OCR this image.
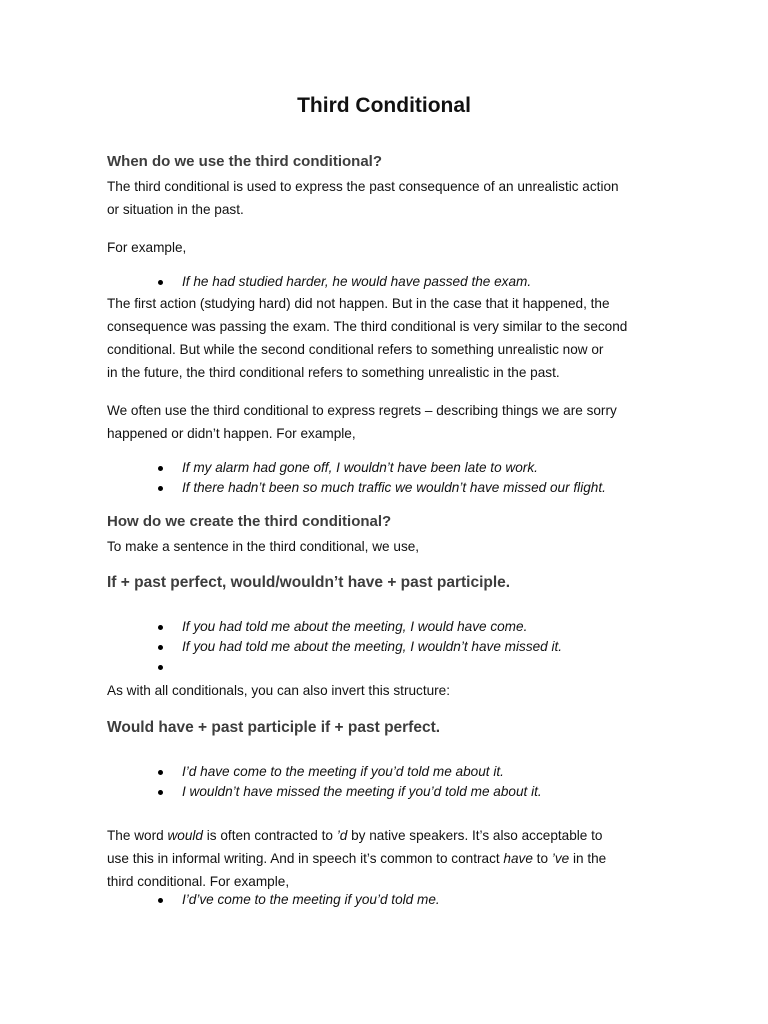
Third Conditional
When do we use the third conditional?
The third conditional is used to express the past consequence of an unrealistic action
or situation in the past.
For example,
If he had studied harder, he would have passed the exam.
The first action (studying hard) did not happen. But in the case that it happened, the
consequence was passing the exam. The third conditional is very similar to the second
conditional. But while the second conditional refers to something unrealistic now or
in the future, the third conditional refers to something unrealistic in the past.
We often use the third conditional to express regrets – describing things we are sorry
happened or didn’t happen. For example,
If my alarm had gone off, I wouldn’t have been late to work.
If there hadn’t been so much traffic we wouldn’t have missed our flight.
How do we create the third conditional?
To make a sentence in the third conditional, we use,
If + past perfect, would/wouldn’t have + past participle.
If you had told me about the meeting, I would have come.
If you had told me about the meeting, I wouldn’t have missed it.
As with all conditionals, you can also invert this structure:
Would have + past participle if + past perfect.
I’d have come to the meeting if you’d told me about it.
I wouldn’t have missed the meeting if you’d told me about it.
The word would is often contracted to ’d by native speakers. It’s also acceptable to
use this in informal writing. And in speech it’s common to contract have to ’ve in the
third conditional. For example,
I’d’ve come to the meeting if you’d told me.
